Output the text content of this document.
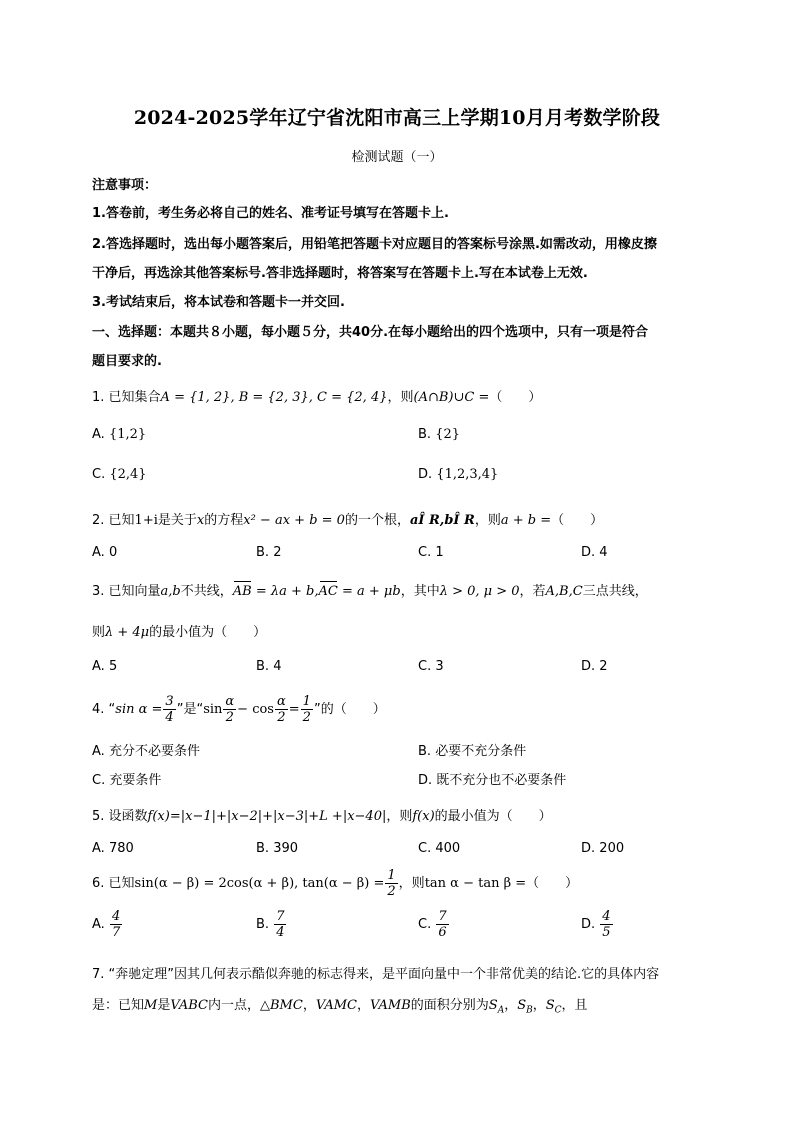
2024-2025学年辽宁省沈阳市高三上学期10月月考数学阶段
检测试题（一）
注意事项：
1.答卷前，考生务必将自己的姓名、准考证号填写在答题卡上.
2.答选择题时，选出每小题答案后，用铅笔把答题卡对应题目的答案标号涂黑.如需改动，用橡皮擦
干净后，再选涂其他答案标号.答非选择题时，将答案写在答题卡上.写在本试卷上无效.
3.考试结束后，将本试卷和答题卡一并交回.
一、选择题：本题共８小题，每小题５分，共40分.在每小题给出的四个选项中，只有一项是符合
题目要求的.
1. 已知集合A = {1, 2}, B = {2, 3}, C = {2, 4}，则(A∩B)∪C =（　　）
A. {1,2}	B. {2}
C. {2,4}	D. {1,2,3,4}
2. 已知1+i是关于x的方程x² − ax + b = 0的一个根，aÎ R,bÎ R，则a + b =（　　）
A. 0	B. 2	C. 1	D. 4
3. 已知向量a,b不共线，AB = λa + b,AC = a + μb，其中λ > 0, μ > 0，若A,B,C三点共线，
则λ + 4μ的最小值为（　　）
A. 5	B. 4	C. 3	D. 2
4. “sin $\alpha = \frac{3}{4}$ ”是“$\sin \frac{\alpha}{2} - \cos \frac{\alpha}{2} = \frac{1}{2}$ ”的（　　）
A. 充分不必要条件	B. 必要不充分条件
C. 充要条件	D. 既不充分也不必要条件
5. 设函数f(x)=|x−1|+|x−2|+|x−3|+L +|x−40|，则f(x)的最小值为（　　）
A. 780	B. 390	C. 400	D. 200
6. 已知sin(α − β) = 2cos(α + β), $\tan(\alpha - \beta) = \frac{1}{2}$ ，则tan α − tan β =（　　）
A. $\frac{4}{7}$	B. $\frac{7}{4}$	C. $\frac{7}{6}$	D. $\frac{4}{5}$
7. “奔驰定理”因其几何表示酷似奔驰的标志得来，是平面向量中一个非常优美的结论.它的具体内容
是：已知M是VABC内一点，△BMC，VAMC，VAMB的面积分别为$S_A$，$S_B$，$S_C$，且
